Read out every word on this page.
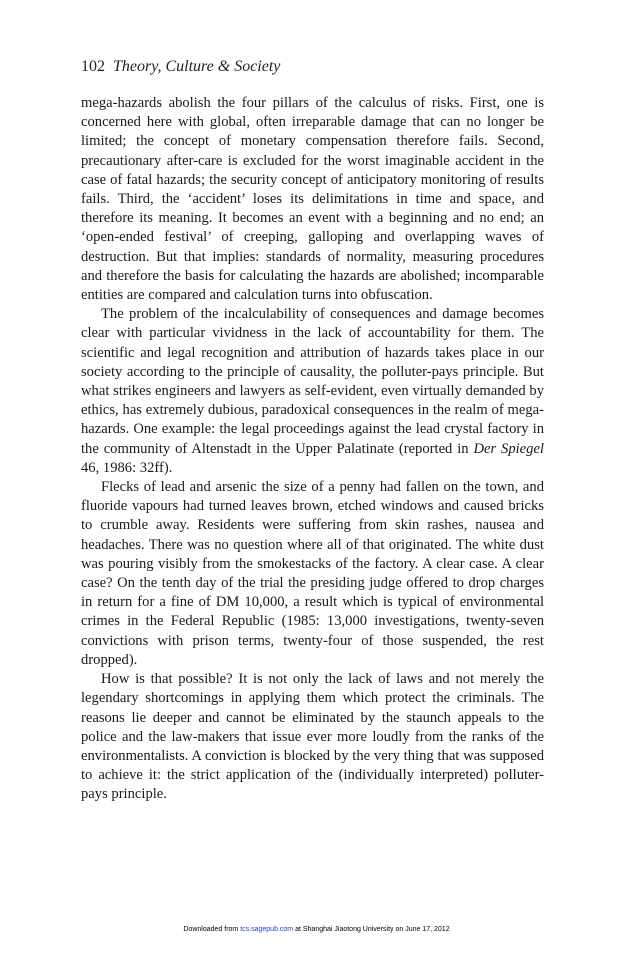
102 Theory, Culture & Society

mega-hazards abolish the four pillars of the calculus of risks. First, one is concerned here with global, often irreparable damage that can no longer be limited; the concept of monetary compensation therefore fails. Second, precautionary after-care is excluded for the worst imaginable accident in the case of fatal hazards; the security concept of anticipatory monitoring of results fails. Third, the ‘accident’ loses its delimitations in time and space, and therefore its meaning. It becomes an event with a beginning and no end; an ‘open-ended festival’ of creeping, galloping and overlapping waves of destruction. But that implies: standards of normality, measuring procedures and therefore the basis for calculating the hazards are abolished; incomparable entities are compared and calculation turns into obfuscation.

The problem of the incalculability of consequences and damage becomes clear with particular vividness in the lack of accountability for them. The scientific and legal recognition and attribution of hazards takes place in our society according to the principle of causality, the polluter-pays principle. But what strikes engineers and lawyers as self-evident, even virtually demanded by ethics, has extremely dubious, paradoxical consequences in the realm of mega-hazards. One example: the legal proceedings against the lead crystal factory in the community of Altenstadt in the Upper Palatinate (reported in Der Spiegel 46, 1986: 32ff).

Flecks of lead and arsenic the size of a penny had fallen on the town, and fluoride vapours had turned leaves brown, etched windows and caused bricks to crumble away. Residents were suffering from skin rashes, nausea and headaches. There was no question where all of that originated. The white dust was pouring visibly from the smokestacks of the factory. A clear case. A clear case? On the tenth day of the trial the presiding judge offered to drop charges in return for a fine of DM 10,000, a result which is typical of environmental crimes in the Federal Republic (1985: 13,000 investigations, twenty-seven convictions with prison terms, twenty-four of those suspended, the rest dropped).

How is that possible? It is not only the lack of laws and not merely the legendary shortcomings in applying them which protect the criminals. The reasons lie deeper and cannot be eliminated by the staunch appeals to the police and the law-makers that issue ever more loudly from the ranks of the environmentalists. A conviction is blocked by the very thing that was supposed to achieve it: the strict application of the (individually interpreted) polluter-pays principle.

Downloaded from tcs.sagepub.com at Shanghai Jiaotong University on June 17, 2012
